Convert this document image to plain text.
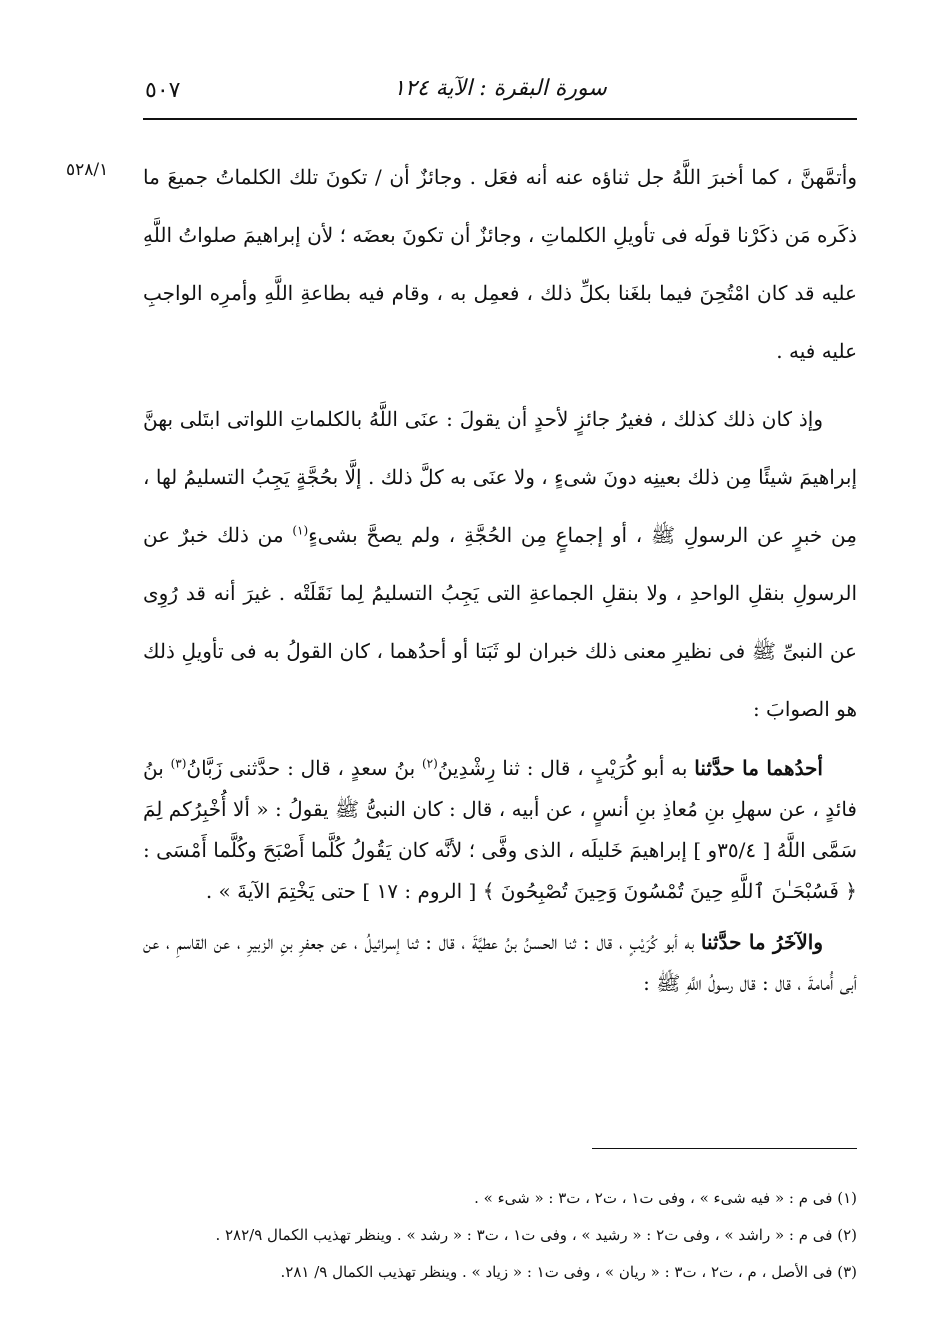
٥٠٧	سورة البقرة : الآية ١٢٤
٥٢٨/١ وأتمَّهنَّ ، كما أخبرَ اللَّهُ جل ثناؤه عنه أنه فعَل . وجائزٌ أن / تكونَ تلك الكلماتُ جميعَ ما ذكَره مَن ذكَرْنا قولَه فى تأويلِ الكلماتِ ، وجائزٌ أن تكونَ بعضَه ؛ لأن إبراهيمَ صلواتُ اللَّهِ عليه قد كان امْتُحِنَ فيما بلغَنا بكلِّ ذلك ، فعمِل به ، وقام فيه بطاعةِ اللَّهِ وأمرِه الواجبِ عليه فيه .

وإذ كان ذلك كذلك ، فغيرُ جائزٍ لأحدٍ أن يقولَ : عنَى اللَّهُ بالكلماتِ اللواتى ابتَلى بهنَّ إبراهيمَ شيئًا مِن ذلك بعينِه دونَ شىءٍ ، ولا عنَى به كلَّ ذلك . إلَّا بحُجَّةٍ يَجِبُ التسليمُ لها ، مِن خبرٍ عن الرسولِ ﷺ ، أو إجماعٍ مِن الحُجَّةِ ، ولم يصحَّ بشىءٍ$^{(١)}$ من ذلك خبرٌ عن الرسولِ بنقلِ الواحدِ ، ولا بنقلِ الجماعةِ التى يَجِبُ التسليمُ لِما نَقَلَتْه . غيرَ أنه قد رُوِى عن النبىِّ ﷺ فى نظيرِ معنى ذلك خبران لو ثَبَتا أو أحدُهما ، كان القولُ به فى تأويلِ ذلك هو الصوابَ :

أحدُهما ما حدَّثنا به أبو كُرَيْبٍ ، قال : ثنا رِشْدِينُ$^{(٢)}$ بنُ سعدٍ ، قال : حدَّثنى زَبَّانُ$^{(٣)}$ بنُ فائدٍ ، عن سهلِ بنِ مُعاذِ بنِ أنسٍ ، عن أبيه ، قال : كان النبىُّ ﷺ يقولُ : « ألا أُخْبِرُكم لِمَ سَمَّى اللَّهُ [ ٣٥/٤و ] إبراهيمَ خَليلَه ، الذى وفَّى ؛ لأنَّه كان يَقُولُ كُلَّما أَصْبَحَ وكُلَّما أَمْسَى : ﴿ فَسُبْحَـٰنَ ٱللَّهِ حِينَ تُمْسُونَ وَحِينَ تُصْبِحُونَ ﴾ [ الروم : ١٧ ] حتى يَخْتِمَ الآيةَ » .

والآخَرُ ما حدَّثنا به أبو كُرَيْبٍ ، قال : ثنا الحسنُ بنُ عطيَّةَ ، قال : ثنا إسرائيلُ ، عن جعفرِ بنِ الزبيرِ ، عن القاسمِ ، عن أبى أُمامةَ ، قال : قال رسولُ اللَّهِ ﷺ :

(١) فى م : « فيه شىء » ، وفى ت١ ، ت٢ ، ت٣ : « شىء » .
(٢) فى م : « راشد » ، وفى ت٢ : « رشيد » ، وفى ت١ ، ت٣ : « رشد » . وينظر تهذيب الكمال ٢٨٢/٩ .
(٣) فى الأصل ، م ، ت٢ ، ت٣ : « ريان » ، وفى ت١ : « زياد » . وينظر تهذيب الكمال ٩/ ٢٨١.
